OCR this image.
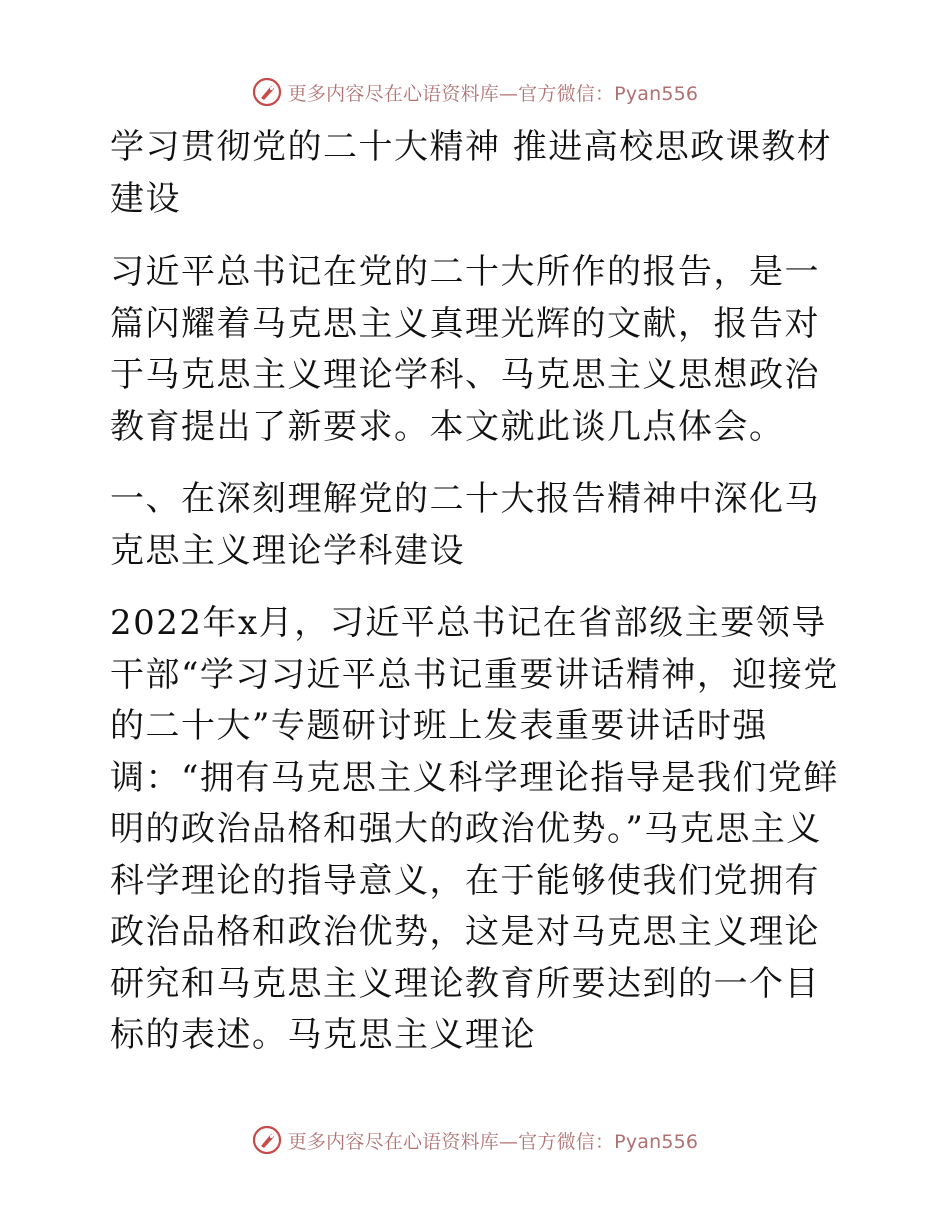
更多内容尽在心语资料库—官方微信：Pyan556

学习贯彻党的二十大精神 推进高校思政课教材建设

习近平总书记在党的二十大所作的报告，是一篇闪耀着马克思主义真理光辉的文献，报告对于马克思主义理论学科、马克思主义思想政治教育提出了新要求。本文就此谈几点体会。

一、在深刻理解党的二十大报告精神中深化马克思主义理论学科建设

2022年x月，习近平总书记在省部级主要领导干部“学习习近平总书记重要讲话精神，迎接党的二十大”专题研讨班上发表重要讲话时强调：“拥有马克思主义科学理论指导是我们党鲜明的政治品格和强大的政治优势。”马克思主义科学理论的指导意义，在于能够使我们党拥有政治品格和政治优势，这是对马克思主义理论研究和马克思主义理论教育所要达到的一个目标的表述。马克思主义理论

更多内容尽在心语资料库—官方微信：Pyan556
